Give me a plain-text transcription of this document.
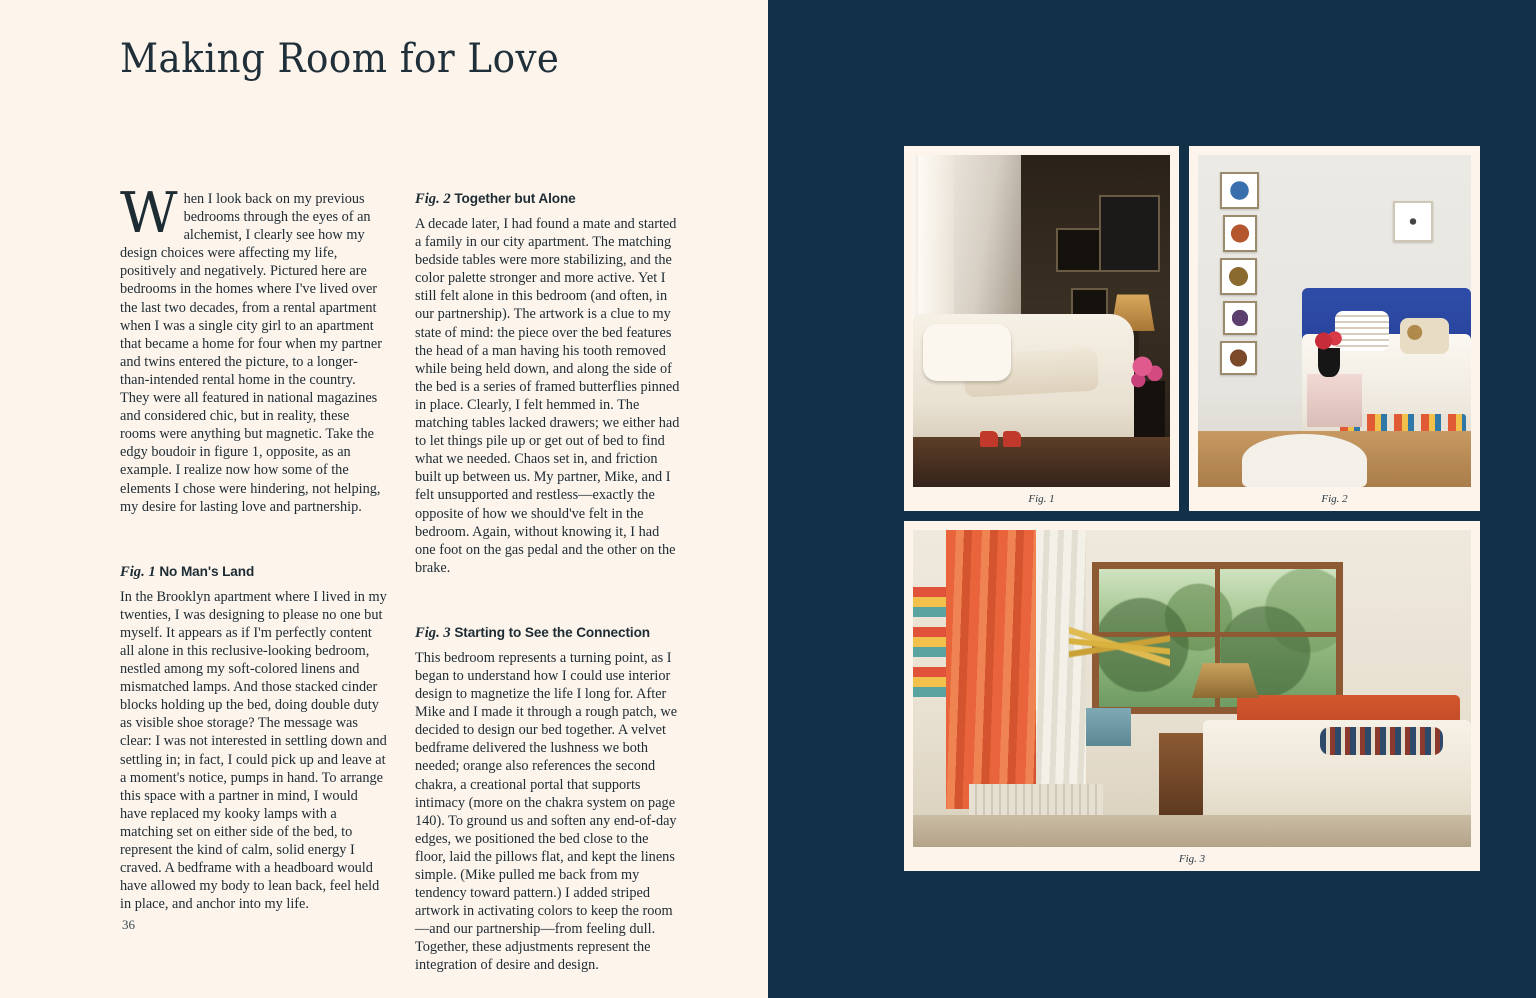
Making Room for Love

When I look back on my previous bedrooms through the eyes of an alchemist, I clearly see how my design choices were affecting my life, positively and negatively. Pictured here are bedrooms in the homes where I've lived over the last two decades, from a rental apartment when I was a single city girl to an apartment that became a home for four when my partner and twins entered the picture, to a longer-than-intended rental home in the country. They were all featured in national magazines and considered chic, but in reality, these rooms were anything but magnetic. Take the edgy boudoir in figure 1, opposite, as an example. I realize now how some of the elements I chose were hindering, not helping, my desire for lasting love and partnership.

Fig. 1 No Man's Land

In the Brooklyn apartment where I lived in my twenties, I was designing to please no one but myself. It appears as if I'm perfectly content all alone in this reclusive-looking bedroom, nestled among my soft-colored linens and mismatched lamps. And those stacked cinder blocks holding up the bed, doing double duty as visible shoe storage? The message was clear: I was not interested in settling down and settling in; in fact, I could pick up and leave at a moment's notice, pumps in hand. To arrange this space with a partner in mind, I would have replaced my kooky lamps with a matching set on either side of the bed, to represent the kind of calm, solid energy I craved. A bedframe with a headboard would have allowed my body to lean back, feel held in place, and anchor into my life.

Fig. 2 Together but Alone

A decade later, I had found a mate and started a family in our city apartment. The matching bedside tables were more stabilizing, and the color palette stronger and more active. Yet I still felt alone in this bedroom (and often, in our partnership). The artwork is a clue to my state of mind: the piece over the bed features the head of a man having his tooth removed while being held down, and along the side of the bed is a series of framed butterflies pinned in place. Clearly, I felt hemmed in. The matching tables lacked drawers; we either had to let things pile up or get out of bed to find what we needed. Chaos set in, and friction built up between us. My partner, Mike, and I felt unsupported and restless—exactly the opposite of how we should've felt in the bedroom. Again, without knowing it, I had one foot on the gas pedal and the other on the brake.

Fig. 3 Starting to See the Connection

This bedroom represents a turning point, as I began to understand how I could use interior design to magnetize the life I long for. After Mike and I made it through a rough patch, we decided to design our bed together. A velvet bedframe delivered the lushness we both needed; orange also references the second chakra, a creational portal that supports intimacy (more on the chakra system on page 140). To ground us and soften any end-of-day edges, we positioned the bed close to the floor, laid the pillows flat, and kept the linens simple. (Mike pulled me back from my tendency toward pattern.) I added striped artwork in activating colors to keep the room—and our partnership—from feeling dull. Together, these adjustments represent the integration of desire and design.

36
Fig. 1	Fig. 2
Fig. 3
